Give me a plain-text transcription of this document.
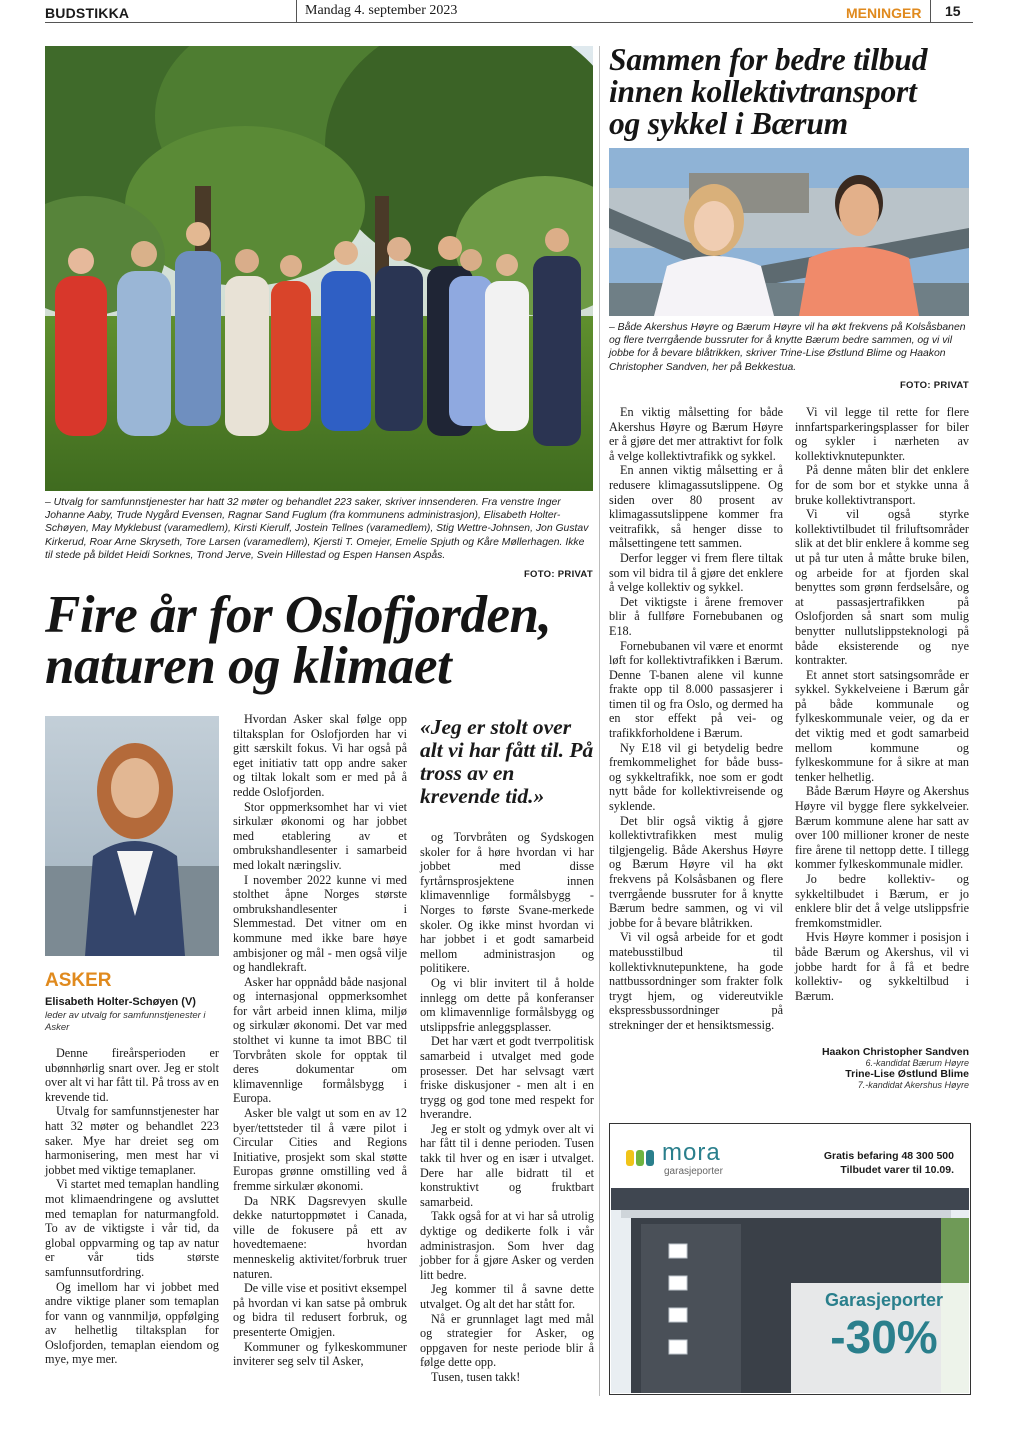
BUDSTIKKA	Mandag 4. september 2023	MENINGER	15
– Utvalg for samfunnstjenester har hatt 32 møter og behandlet 223 saker, skriver innsenderen. Fra venstre Inger Johanne Aaby, Trude Nygård Evensen, Ragnar Sand Fuglum (fra kommunens administrasjon), Elisabeth Holter-Schøyen, May Myklebust (varamedlem), Kirsti Kierulf, Jostein Tellnes (varamedlem), Stig Wettre-Johnsen, Jon Gustav Kirkerud, Roar Arne Skryseth, Tore Larsen (varamedlem), Kjersti T. Omejer, Emelie Spjuth og Kåre Møllerhagen. Ikke til stede på bildet Heidi Sorknes, Trond Jerve, Svein Hillestad og Espen Hansen Aspås.
FOTO: PRIVAT
Fire år for Oslofjorden,
naturen og klimaet
ASKER
Elisabeth Holter-Schøyen (V)
leder av utvalg for samfunnstjenester i Asker

Denne fireårsperioden er ubønnhørlig snart over. Jeg er stolt over alt vi har fått til. På tross av en krevende tid.

Utvalg for samfunnstjenester har hatt 32 møter og behandlet 223 saker. Mye har dreiet seg om harmonisering, men mest har vi jobbet med viktige temaplaner.

Vi startet med temaplan handling mot klimaendringene og avsluttet med temaplan for naturmangfold. To av de viktigste i vår tid, da global oppvarming og tap av natur er vår tids største samfunnsutfordring.

Og imellom har vi jobbet med andre viktige planer som temaplan for vann og vannmiljø, oppfølging av helhetlig tiltaksplan for Oslofjorden, temaplan eiendom og mye, mye mer.

Hvordan Asker skal følge opp tiltaksplan for Oslofjorden har vi gitt særskilt fokus. Vi har også på eget initiativ tatt opp andre saker og tiltak lokalt som er med på å redde Oslofjorden.

Stor oppmerksomhet har vi viet sirkulær økonomi og har jobbet med etablering av et ombrukshandlesenter i samarbeid med lokalt næringsliv.

I november 2022 kunne vi med stolthet åpne Norges største ombrukshandlesenter i Slemmestad. Det vitner om en kommune med ikke bare høye ambisjoner og mål - men også vilje og handlekraft.

Asker har oppnådd både nasjonal og internasjonal oppmerksomhet for vårt arbeid innen klima, miljø og sirkulær økonomi. Det var med stolthet vi kunne ta imot BBC til Torvbråten skole for opptak til deres dokumentar om klimavennlige formålsbygg i Europa.

Asker ble valgt ut som en av 12 byer/tettsteder til å være pilot i Circular Cities and Regions Initiative, prosjekt som skal støtte Europas grønne omstilling ved å fremme sirkulær økonomi.

Da NRK Dagsrevyen skulle dekke naturtoppmøtet i Canada, ville de fokusere på ett av hovedtemaene: hvordan menneskelig aktivitet/forbruk truer naturen.

De ville vise et positivt eksempel på hvordan vi kan satse på ombruk og bidra til redusert forbruk, og presenterte Omigjen.

Kommuner og fylkeskommuner inviterer seg selv til Asker,

«Jeg er stolt over alt vi har fått til. På tross av en krevende tid.»

og Torvbråten og Sydskogen skoler for å høre hvordan vi har jobbet med disse fyrtårnsprosjektene innen klimavennlige formålsbygg - Norges to første Svane-merkede skoler. Og ikke minst hvordan vi har jobbet i et godt samarbeid mellom administrasjon og politikere.

Og vi blir invitert til å holde innlegg om dette på konferanser om klimavennlige formålsbygg og utslippsfrie anleggsplasser.

Det har vært et godt tverrpolitisk samarbeid i utvalget med gode prosesser. Det har selvsagt vært friske diskusjoner - men alt i en trygg og god tone med respekt for hverandre.

Jeg er stolt og ydmyk over alt vi har fått til i denne perioden. Tusen takk til hver og en især i utvalget. Dere har alle bidratt til et konstruktivt og fruktbart samarbeid.

Takk også for at vi har så utrolig dyktige og dedikerte folk i vår administrasjon. Som hver dag jobber for å gjøre Asker og verden litt bedre.

Jeg kommer til å savne dette utvalget. Og alt det har stått for.

Nå er grunnlaget lagt med mål og strategier for Asker, og oppgaven for neste periode blir å følge dette opp.

Tusen, tusen takk!

Sammen for bedre tilbud
innen kollektivtransport
og sykkel i Bærum
– Både Akershus Høyre og Bærum Høyre vil ha økt frekvens på Kolsåsbanen og flere tverrgående bussruter for å knytte Bærum bedre sammen, og vi vil jobbe for å bevare blåtrikken, skriver Trine-Lise Østlund Blime og Haakon Christopher Sandven, her på Bekkestua.
FOTO: PRIVAT

En viktig målsetting for både Akershus Høyre og Bærum Høyre er å gjøre det mer attraktivt for folk å velge kollektivtrafikk og sykkel.

En annen viktig målsetting er å redusere klimagassutslippene. Og siden over 80 prosent av klimagassutslippene kommer fra veitrafikk, så henger disse to målsettingene tett sammen.

Derfor legger vi frem flere tiltak som vil bidra til å gjøre det enklere å velge kollektiv og sykkel.

Det viktigste i årene fremover blir å fullføre Fornebubanen og E18.

Fornebubanen vil være et enormt løft for kollektivtrafikken i Bærum. Denne T-banen alene vil kunne frakte opp til 8.000 passasjerer i timen til og fra Oslo, og dermed ha en stor effekt på vei- og trafikkforholdene i Bærum.

Ny E18 vil gi betydelig bedre fremkommelighet for både buss- og sykkeltrafikk, noe som er godt nytt både for kollektivreisende og syklende.

Det blir også viktig å gjøre kollektivtrafikken mest mulig tilgjengelig. Både Akershus Høyre og Bærum Høyre vil ha økt frekvens på Kolsåsbanen og flere tverrgående bussruter for å knytte Bærum bedre sammen, og vi vil jobbe for å bevare blåtrikken.

Vi vil også arbeide for et godt matebusstilbud til kollektivknutepunktene, ha gode nattbussordninger som frakter folk trygt hjem, og videreutvikle ekspressbussordninger på strekninger der et hensiktsmessig.

Vi vil legge til rette for flere innfartsparkeringsplasser for biler og sykler i nærheten av kollektivknutepunkter.

På denne måten blir det enklere for de som bor et stykke unna å bruke kollektivtransport.

Vi vil også styrke kollektivtilbudet til friluftsområder slik at det blir enklere å komme seg ut på tur uten å måtte bruke bilen, og arbeide for at fjorden skal benyttes som grønn ferdselsåre, og at passasjertrafikken på Oslofjorden så snart som mulig benytter nullutslippsteknologi på både eksisterende og nye kontrakter.

Et annet stort satsingsområde er sykkel. Sykkelveiene i Bærum går på både kommunale og fylkeskommunale veier, og da er det viktig med et godt samarbeid mellom kommune og fylkeskommune for å sikre at man tenker helhetlig.

Både Bærum Høyre og Akershus Høyre vil bygge flere sykkelveier. Bærum kommune alene har satt av over 100 millioner kroner de neste fire årene til nettopp dette. I tillegg kommer fylkeskommunale midler.

Jo bedre kollektiv- og sykkeltilbudet i Bærum, er jo enklere blir det å velge utslippsfrie fremkomstmidler.

Hvis Høyre kommer i posisjon i både Bærum og Akershus, vil vi jobbe hardt for å få et bedre kollektiv- og sykkeltilbud i Bærum.

Haakon Christopher Sandven
6.-kandidat Bærum Høyre
Trine-Lise Østlund Blime
7.-kandidat Akershus Høyre
mora
garasjeporter
Gratis befaring 48 300 500
Tilbudet varer til 10.09.
Garasjeporter
-30%
